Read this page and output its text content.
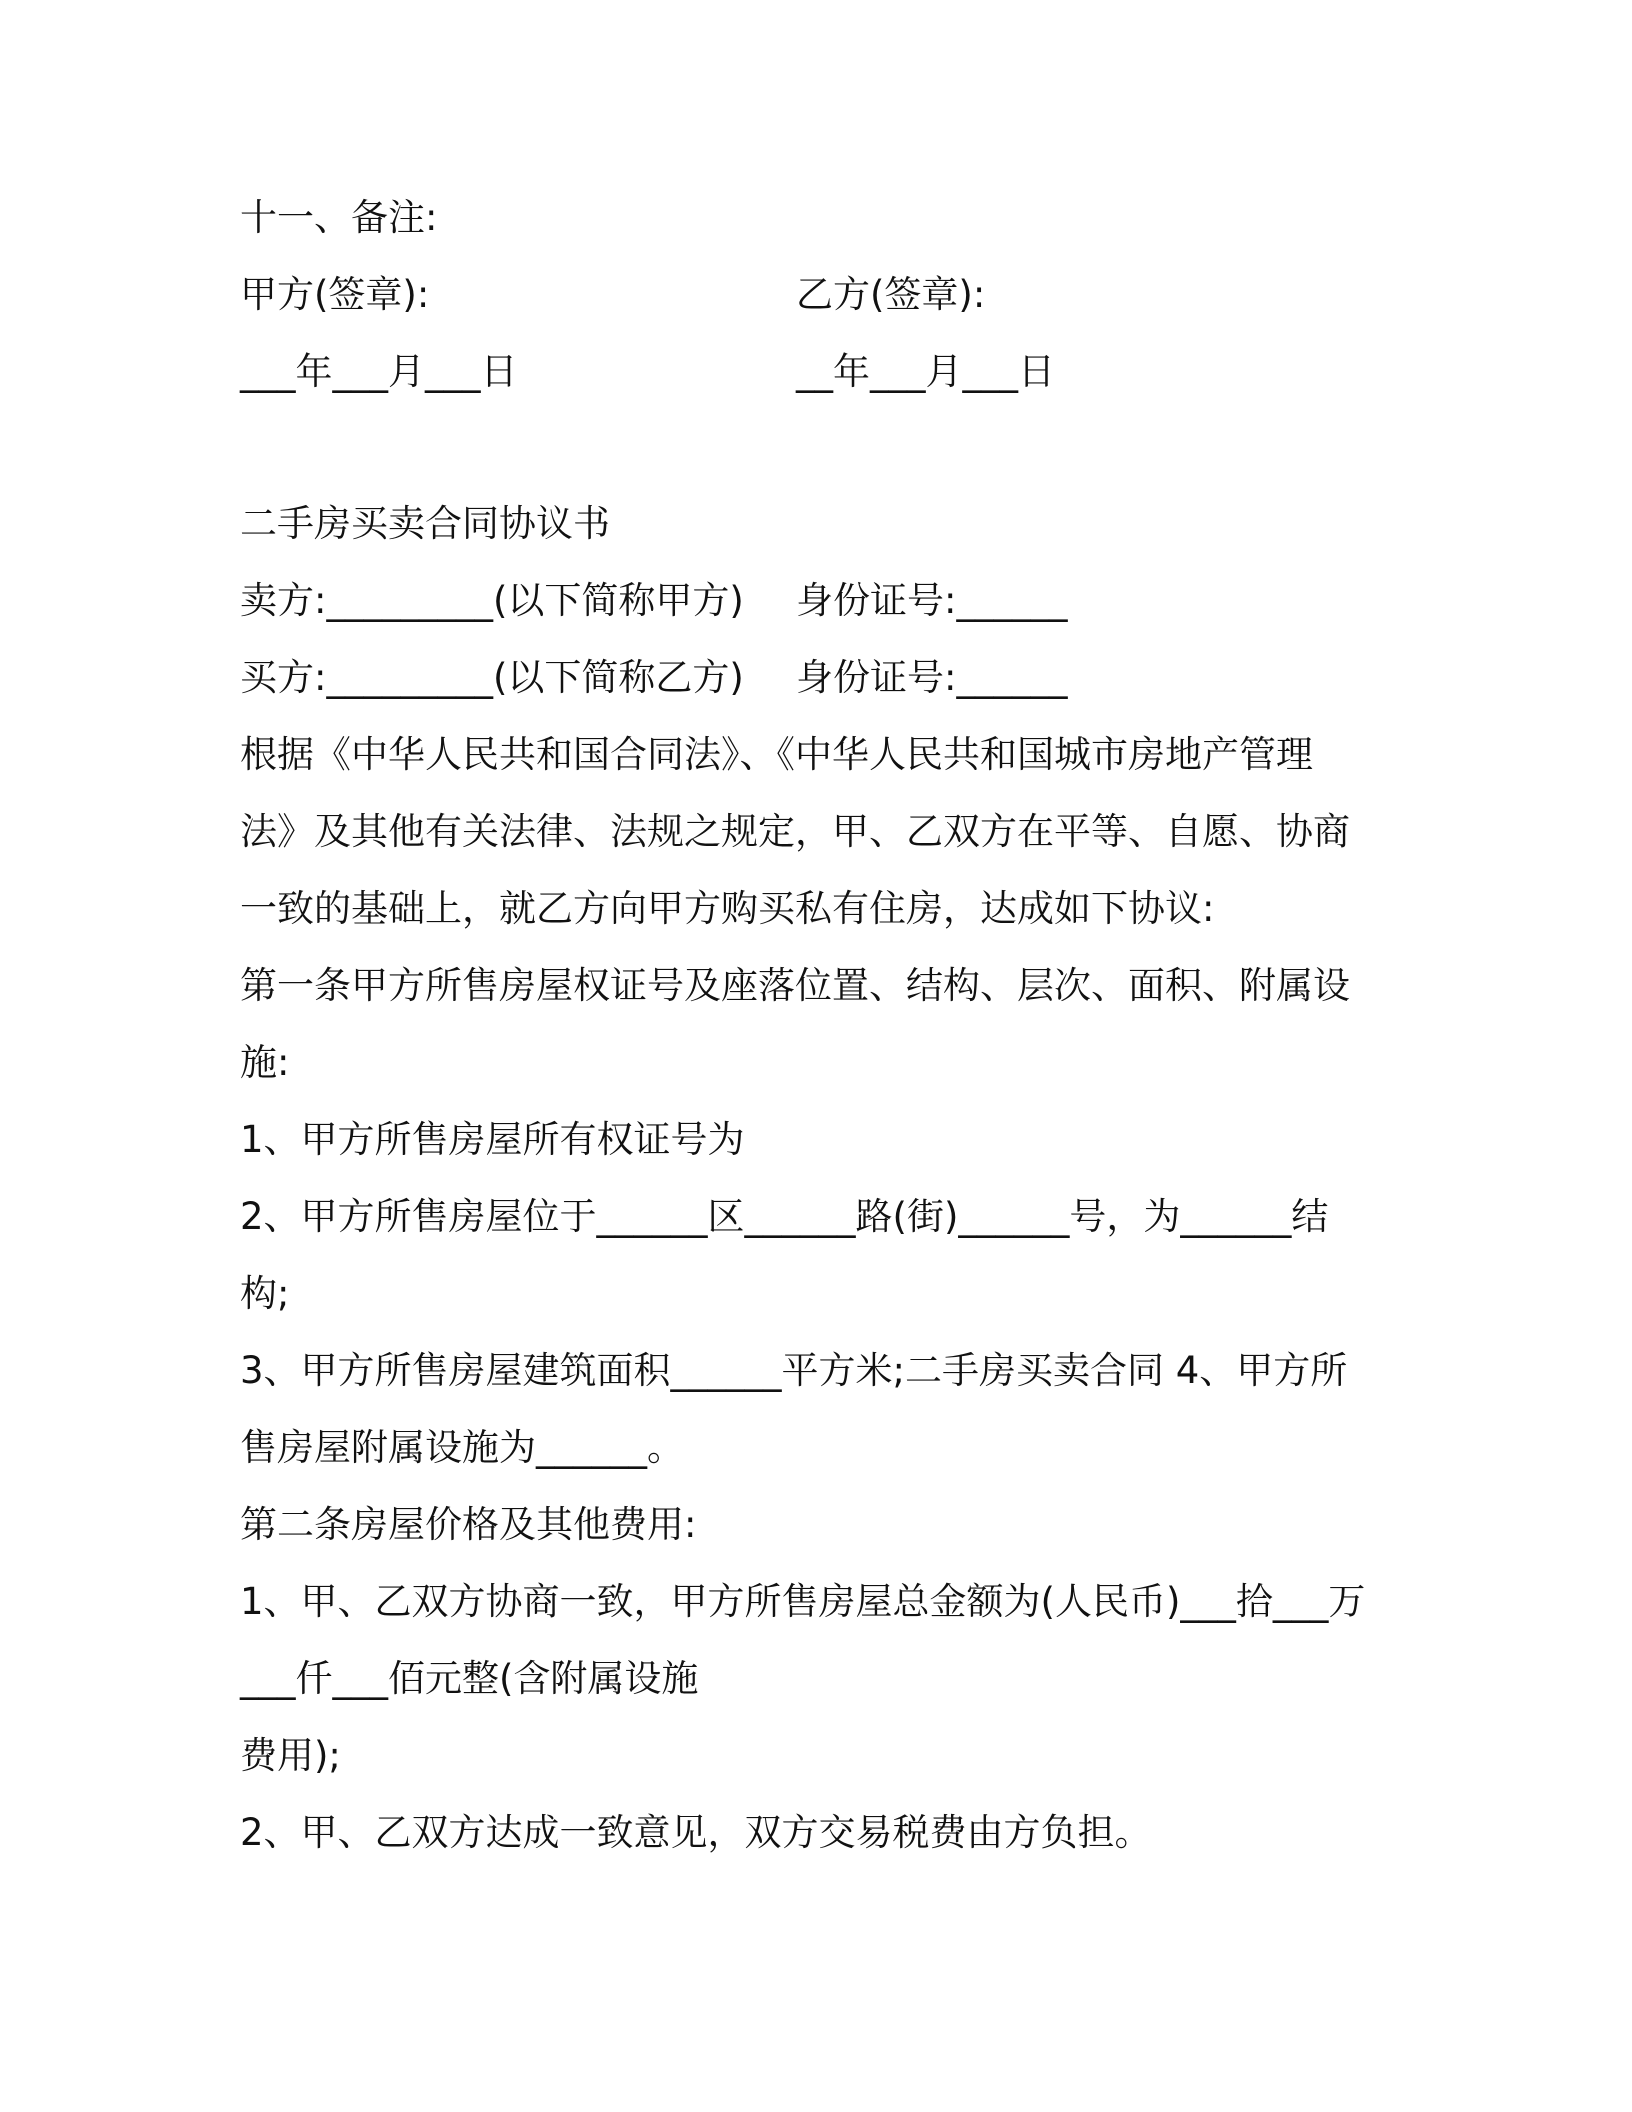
十一、备注:
甲方(签章):	乙方(签章):
___年___月___日	__年___月___日
二手房买卖合同协议书
卖方:_________(以下简称甲方) 身份证号:______
买方:_________(以下简称乙方) 身份证号:______
根据《中华人民共和国合同法》、《中华人民共和国城市房地产管理
法》及其他有关法律、法规之规定，甲、乙双方在平等、自愿、协商
一致的基础上，就乙方向甲方购买私有住房，达成如下协议:
第一条甲方所售房屋权证号及座落位置、结构、层次、面积、附属设
施:
1、甲方所售房屋所有权证号为
2、甲方所售房屋位于______区______路(街)______号，为______结
构;
3、甲方所售房屋建筑面积______平方米;二手房买卖合同 4、甲方所
售房屋附属设施为______。
第二条房屋价格及其他费用:
1、甲、乙双方协商一致，甲方所售房屋总金额为(人民币)___拾___万
___仟___佰元整(含附属设施
费用);
2、甲、乙双方达成一致意见，双方交易税费由方负担。
